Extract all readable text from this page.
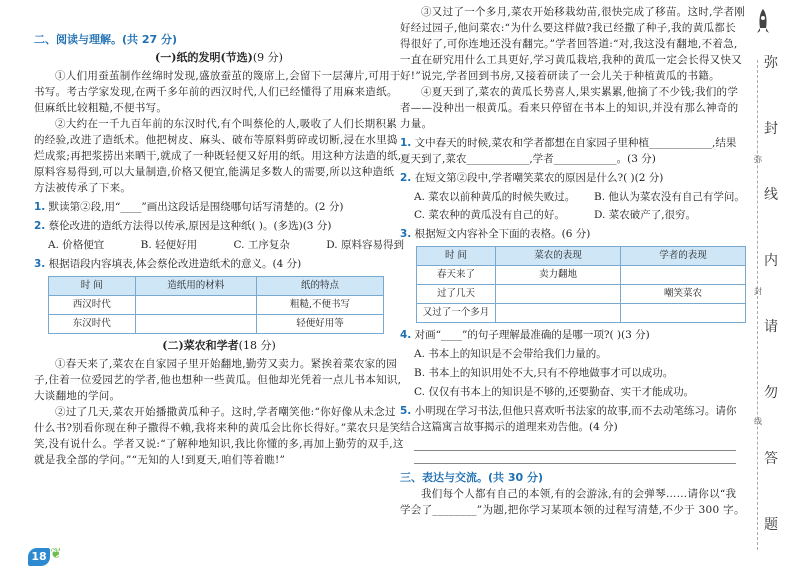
二、阅读与理解。(共 27 分)
(一)纸的发明(节选)(9 分)

①人们用蚕茧制作丝绵时发现,盛放蚕茧的篾席上,会留下一层薄片,可用于书写。考古学家发现,在两千多年前的西汉时代,人们已经懂得了用麻来造纸。但麻纸比较粗糙,不便书写。

②大约在一千九百年前的东汉时代,有个叫蔡伦的人,吸收了人们长期积累的经验,改进了造纸术。他把树皮、麻头、破布等原料剪碎或切断,浸在水里捣烂成浆;再把浆捞出来晒干,就成了一种既轻便又好用的纸。用这种方法造的纸,原料容易得到,可以大量制造,价格又便宜,能满足多数人的需要,所以这种造纸方法被传承了下来。

1. 默读第②段,用“____”画出这段话是围绕哪句话写清楚的。(2 分)
2. 蔡伦改进的造纸方法得以传承,原因是这种纸( )。(多选)(3 分)
A. 价格便宜	B. 轻便好用	C. 工序复杂	D. 原料容易得到
3. 根据语段内容填表,体会蔡伦改进造纸术的意义。(4 分)
时 间	造纸用的材料	纸的特点
西汉时代		粗糙,不便书写
东汉时代		轻便好用等
(二)菜农和学者(18 分)

①春天来了,菜农在自家园子里开始翻地,勤劳又卖力。紧挨着菜农家的园子,住着一位爱园艺的学者,他也想种一些黄瓜。但他却光凭着一点儿书本知识,大谈翻地的学问。

②过了几天,菜农开始播撒黄瓜种子。这时,学者嘲笑他:“你好像从未念过什么书?别看你现在种子撒得不赖,我将来种的黄瓜会比你长得好。”菜农只是笑笑,没有说什么。学者又说:“了解种地知识,我比你懂的多,再加上勤劳的双手,这就是我全部的学问。”“无知的人!到夏天,咱们等着瞧!”

18 ❦

③又过了一个多月,菜农开始移栽幼苗,很快完成了移苗。这时,学者刚好经过园子,他问菜农:“为什么要这样做?我已经撒了种子,我的黄瓜都长得很好了,可你连地还没有翻完。”学者回答道:“对,我这没有翻地,不着急,一直在研究用什么工具更好,学习黄瓜栽培,我种的黄瓜一定会长得又快又好!”说完,学者回到书房,又接着研读了一会儿关于种植黄瓜的书籍。

④夏天到了,菜农的黄瓜长势喜人,果实累累,他摘了不少钱;我们的学者——没种出一根黄瓜。看来只停留在书本上的知识,并没有那么神奇的力量。

1. 文中春天的时候,菜农和学者都想在自家园子里种植____________,结果夏天到了,菜农____________,学者____________。(3 分)
2. 在短文第②段中,学者嘲笑菜农的原因是什么?( )(2 分)
A. 菜农以前种黄瓜的时候失败过。	B. 他认为菜农没有自己有学问。
C. 菜农种的黄瓜没有自己的好。	D. 菜农破产了,很穷。
3. 根据短文内容补全下面的表格。(6 分)
时 间	菜农的表现	学者的表现
春天来了	卖力翻地	
过了几天		嘲笑菜农
又过了一个多月		
4. 对画“____”的句子理解最准确的是哪一项?( )(3 分)
A. 书本上的知识是不会带给我们力量的。
B. 书本上的知识用处不大,只有不停地做事才可以成功。
C. 仅仅有书本上的知识是不够的,还要勤奋、实干才能成功。
5. 小明现在学习书法,但他只喜欢听书法家的故事,而不去动笔练习。请你结合这篇寓言故事揭示的道理来劝告他。(4 分)
三、表达与交流。(共 30 分)

我们每个人都有自己的本领,有的会游泳,有的会弹琴……请你以“我学会了________”为题,把你学习某项本领的过程写清楚,不少于 300 字。

弥
弥
封
线
封
内
请
勿
线
答
题
